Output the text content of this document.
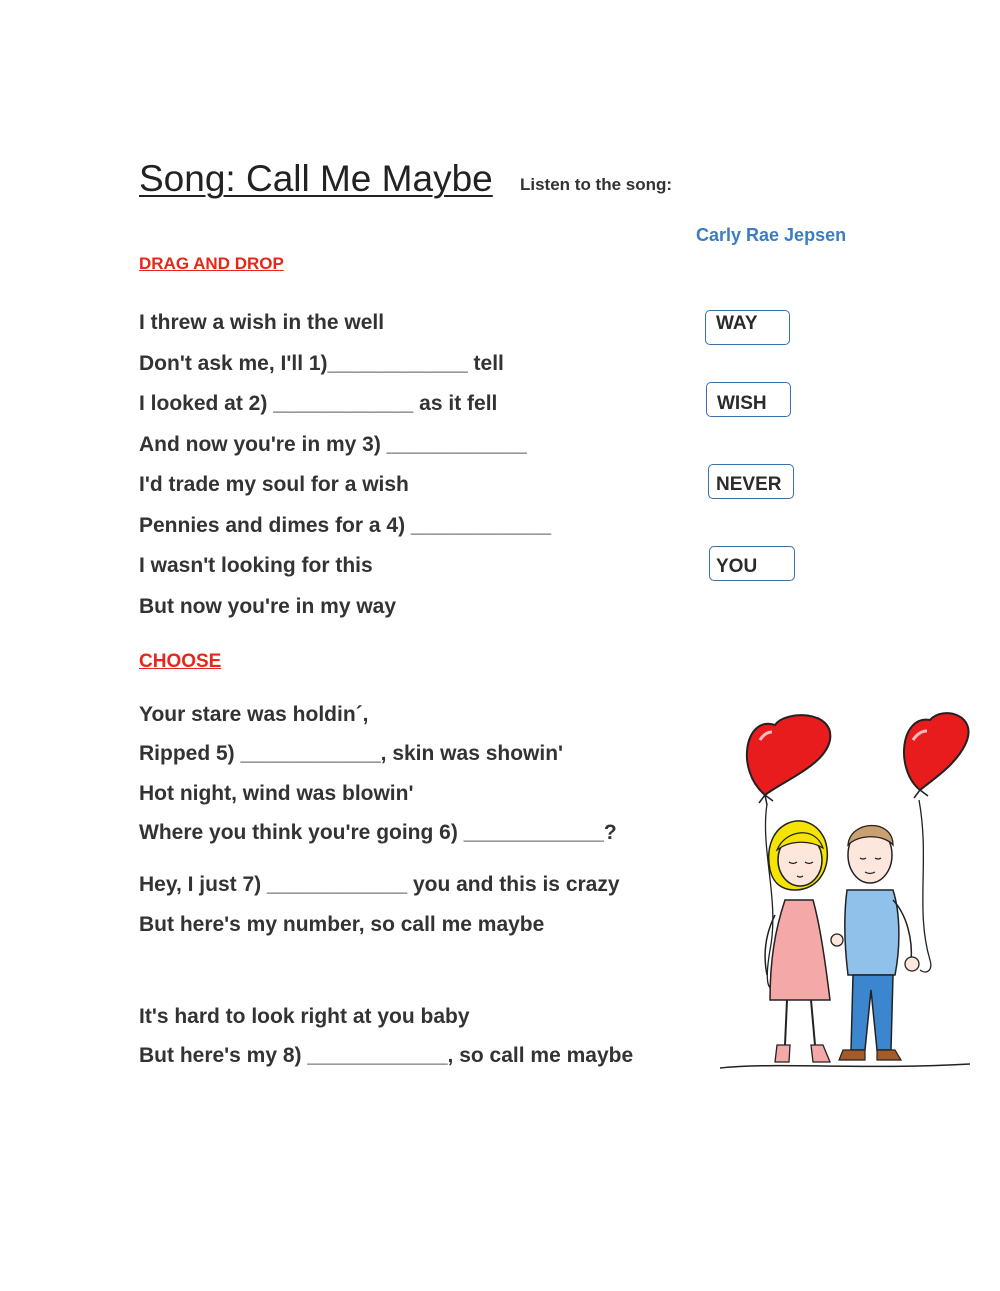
Song: Call Me Maybe Listen to the song:
Carly Rae Jepsen
DRAG AND DROP
I threw a wish in the well
Don't ask me, I'll 1)____________ tell
I looked at 2) ____________ as it fell
And now you're in my 3) ____________
I'd trade my soul for a wish
Pennies and dimes for a 4) ____________
I wasn't looking for this
But now you're in my way
WAY
WISH
NEVER
YOU
CHOOSE
Your stare was holdin´,
Ripped 5) ____________, skin was showin'
Hot night, wind was blowin'
Where you think you're going 6) ____________?
Hey, I just 7) ____________ you and this is crazy
But here's my number, so call me maybe
It's hard to look right at you baby
But here's my 8) ____________, so call me maybe
